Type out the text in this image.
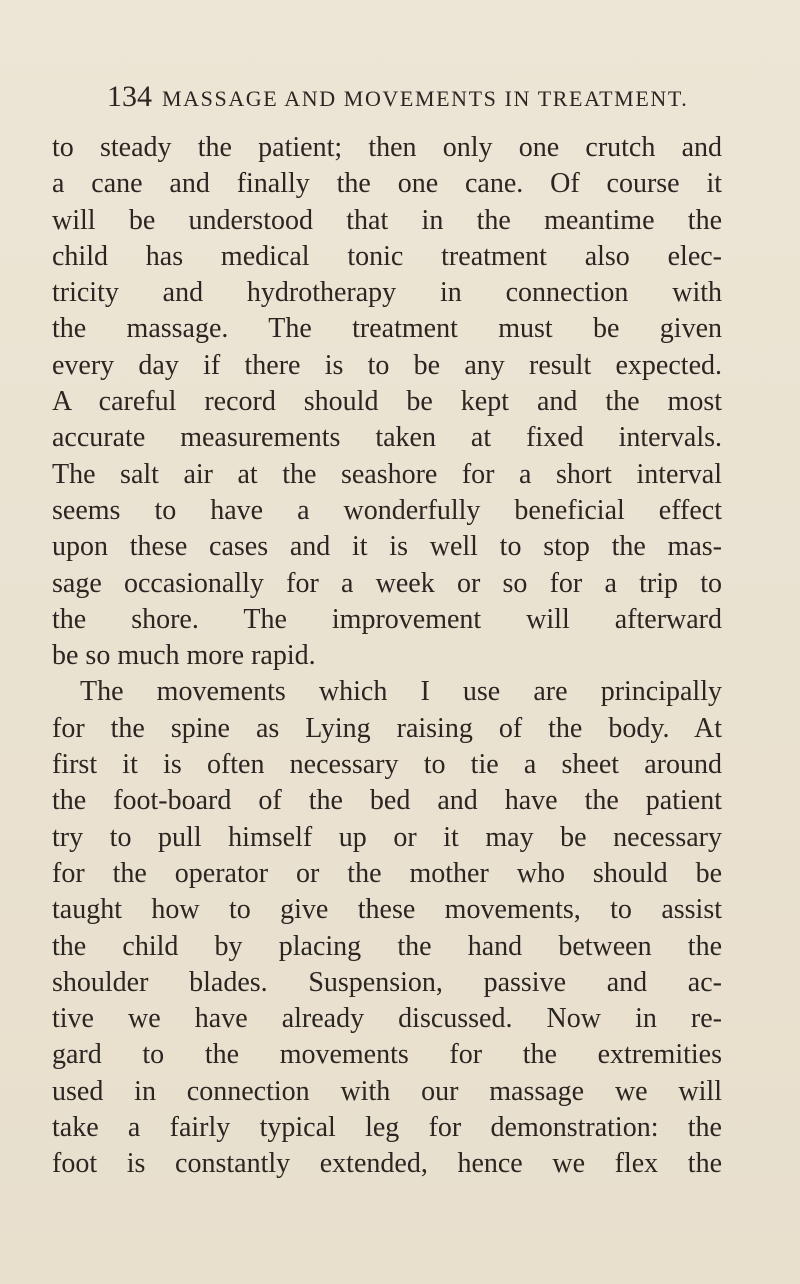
134 MASSAGE AND MOVEMENTS IN TREATMENT.
to steady the patient; then only one crutch and
a cane and finally the one cane. Of course it
will be understood that in the meantime the
child has medical tonic treatment also elec-
tricity and hydrotherapy in connection with
the massage. The treatment must be given
every day if there is to be any result expected.
A careful record should be kept and the most
accurate measurements taken at fixed intervals.
The salt air at the seashore for a short interval
seems to have a wonderfully beneficial effect
upon these cases and it is well to stop the mas-
sage occasionally for a week or so for a trip to
the shore. The improvement will afterward
be so much more rapid.
The movements which I use are principally
for the spine as Lying raising of the body. At
first it is often necessary to tie a sheet around
the foot-board of the bed and have the patient
try to pull himself up or it may be necessary
for the operator or the mother who should be
taught how to give these movements, to assist
the child by placing the hand between the
shoulder blades. Suspension, passive and ac-
tive we have already discussed. Now in re-
gard to the movements for the extremities
used in connection with our massage we will
take a fairly typical leg for demonstration: the
foot is constantly extended, hence we flex the
